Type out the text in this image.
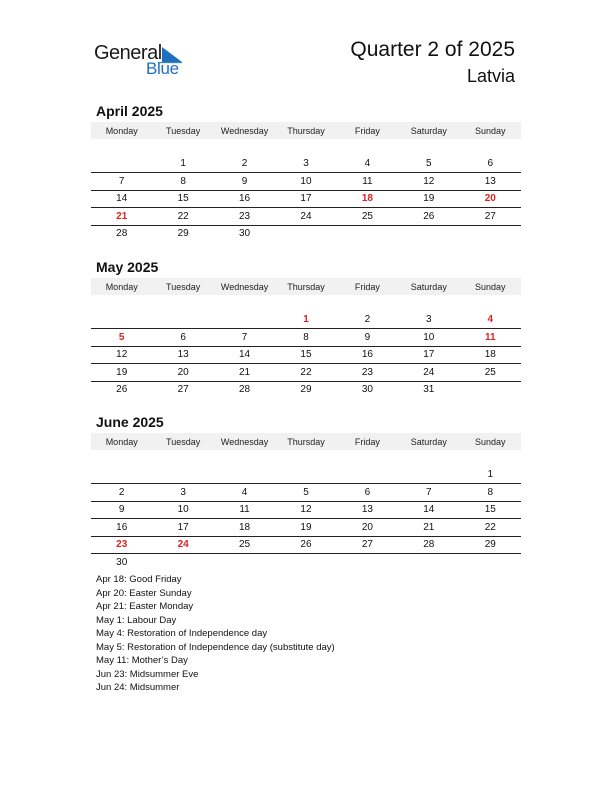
General
Blue
Quarter 2 of 2025
Latvia
April 2025
Monday	Tuesday	Wednesday	Thursday	Friday	Saturday	Sunday

	1	2	3	4	5	6
7	8	9	10	11	12	13
14	15	16	17	18	19	20
21	22	23	24	25	26	27
28	29	30				
May 2025
Monday	Tuesday	Wednesday	Thursday	Friday	Saturday	Sunday

			1	2	3	4
5	6	7	8	9	10	11
12	13	14	15	16	17	18
19	20	21	22	23	24	25
26	27	28	29	30	31	
June 2025
Monday	Tuesday	Wednesday	Thursday	Friday	Saturday	Sunday

						1
2	3	4	5	6	7	8
9	10	11	12	13	14	15
16	17	18	19	20	21	22
23	24	25	26	27	28	29
30						
Apr 18: Good Friday
Apr 20: Easter Sunday
Apr 21: Easter Monday
May 1: Labour Day
May 4: Restoration of Independence day
May 5: Restoration of Independence day (substitute day)
May 11: Mother’s Day
Jun 23: Midsummer Eve
Jun 24: Midsummer
